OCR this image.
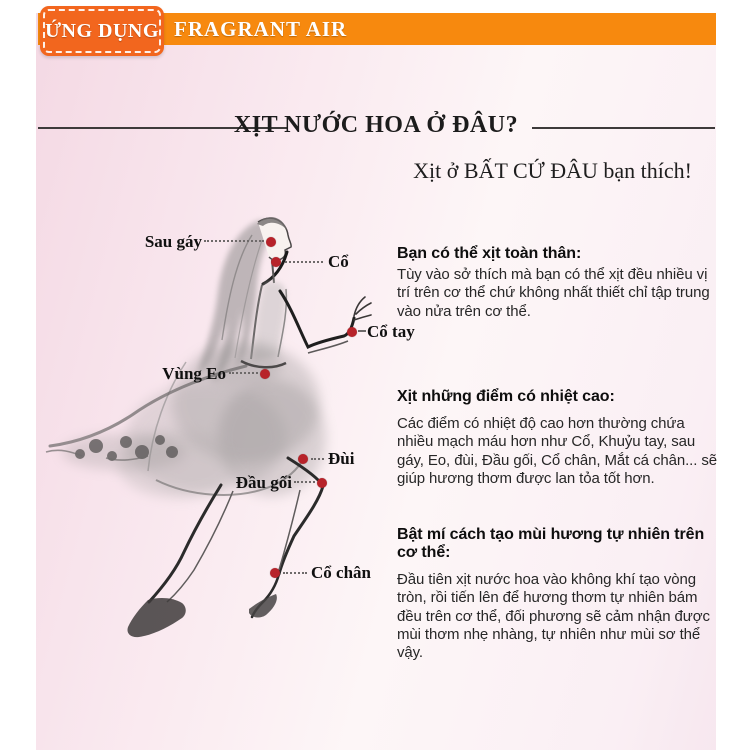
ỨNG DỤNG FRAGRANT AIR
XỊT NƯỚC HOA Ở ĐÂU?
Xịt ở BẤT CỨ ĐÂU bạn thích!
Sau gáy
Cổ
Cổ tay
Vùng Eo
Đùi
Đầu gối
Cổ chân
Bạn có thể xịt toàn thân:

Tùy vào sở thích mà bạn có thể xịt đều nhiều vị trí trên cơ thể chứ không nhất thiết chỉ tập trung vào nửa trên cơ thể.

Xịt những điểm có nhiệt cao:

Các điểm có nhiệt độ cao hơn thường chứa nhiều mạch máu hơn như Cổ, Khuỷu tay, sau gáy, Eo, đùi, Đầu gối, Cổ chân, Mắt cá chân... sẽ giúp hương thơm được lan tỏa tốt hơn.

Bật mí cách tạo mùi hương tự nhiên trên cơ thể:

Đầu tiên xịt nước hoa vào không khí tạo vòng tròn, rồi tiến lên để hương thơm tự nhiên bám đều trên cơ thể, đối phương sẽ cảm nhận được mùi thơm nhẹ nhàng, tự nhiên như mùi sơ thể vậy.
